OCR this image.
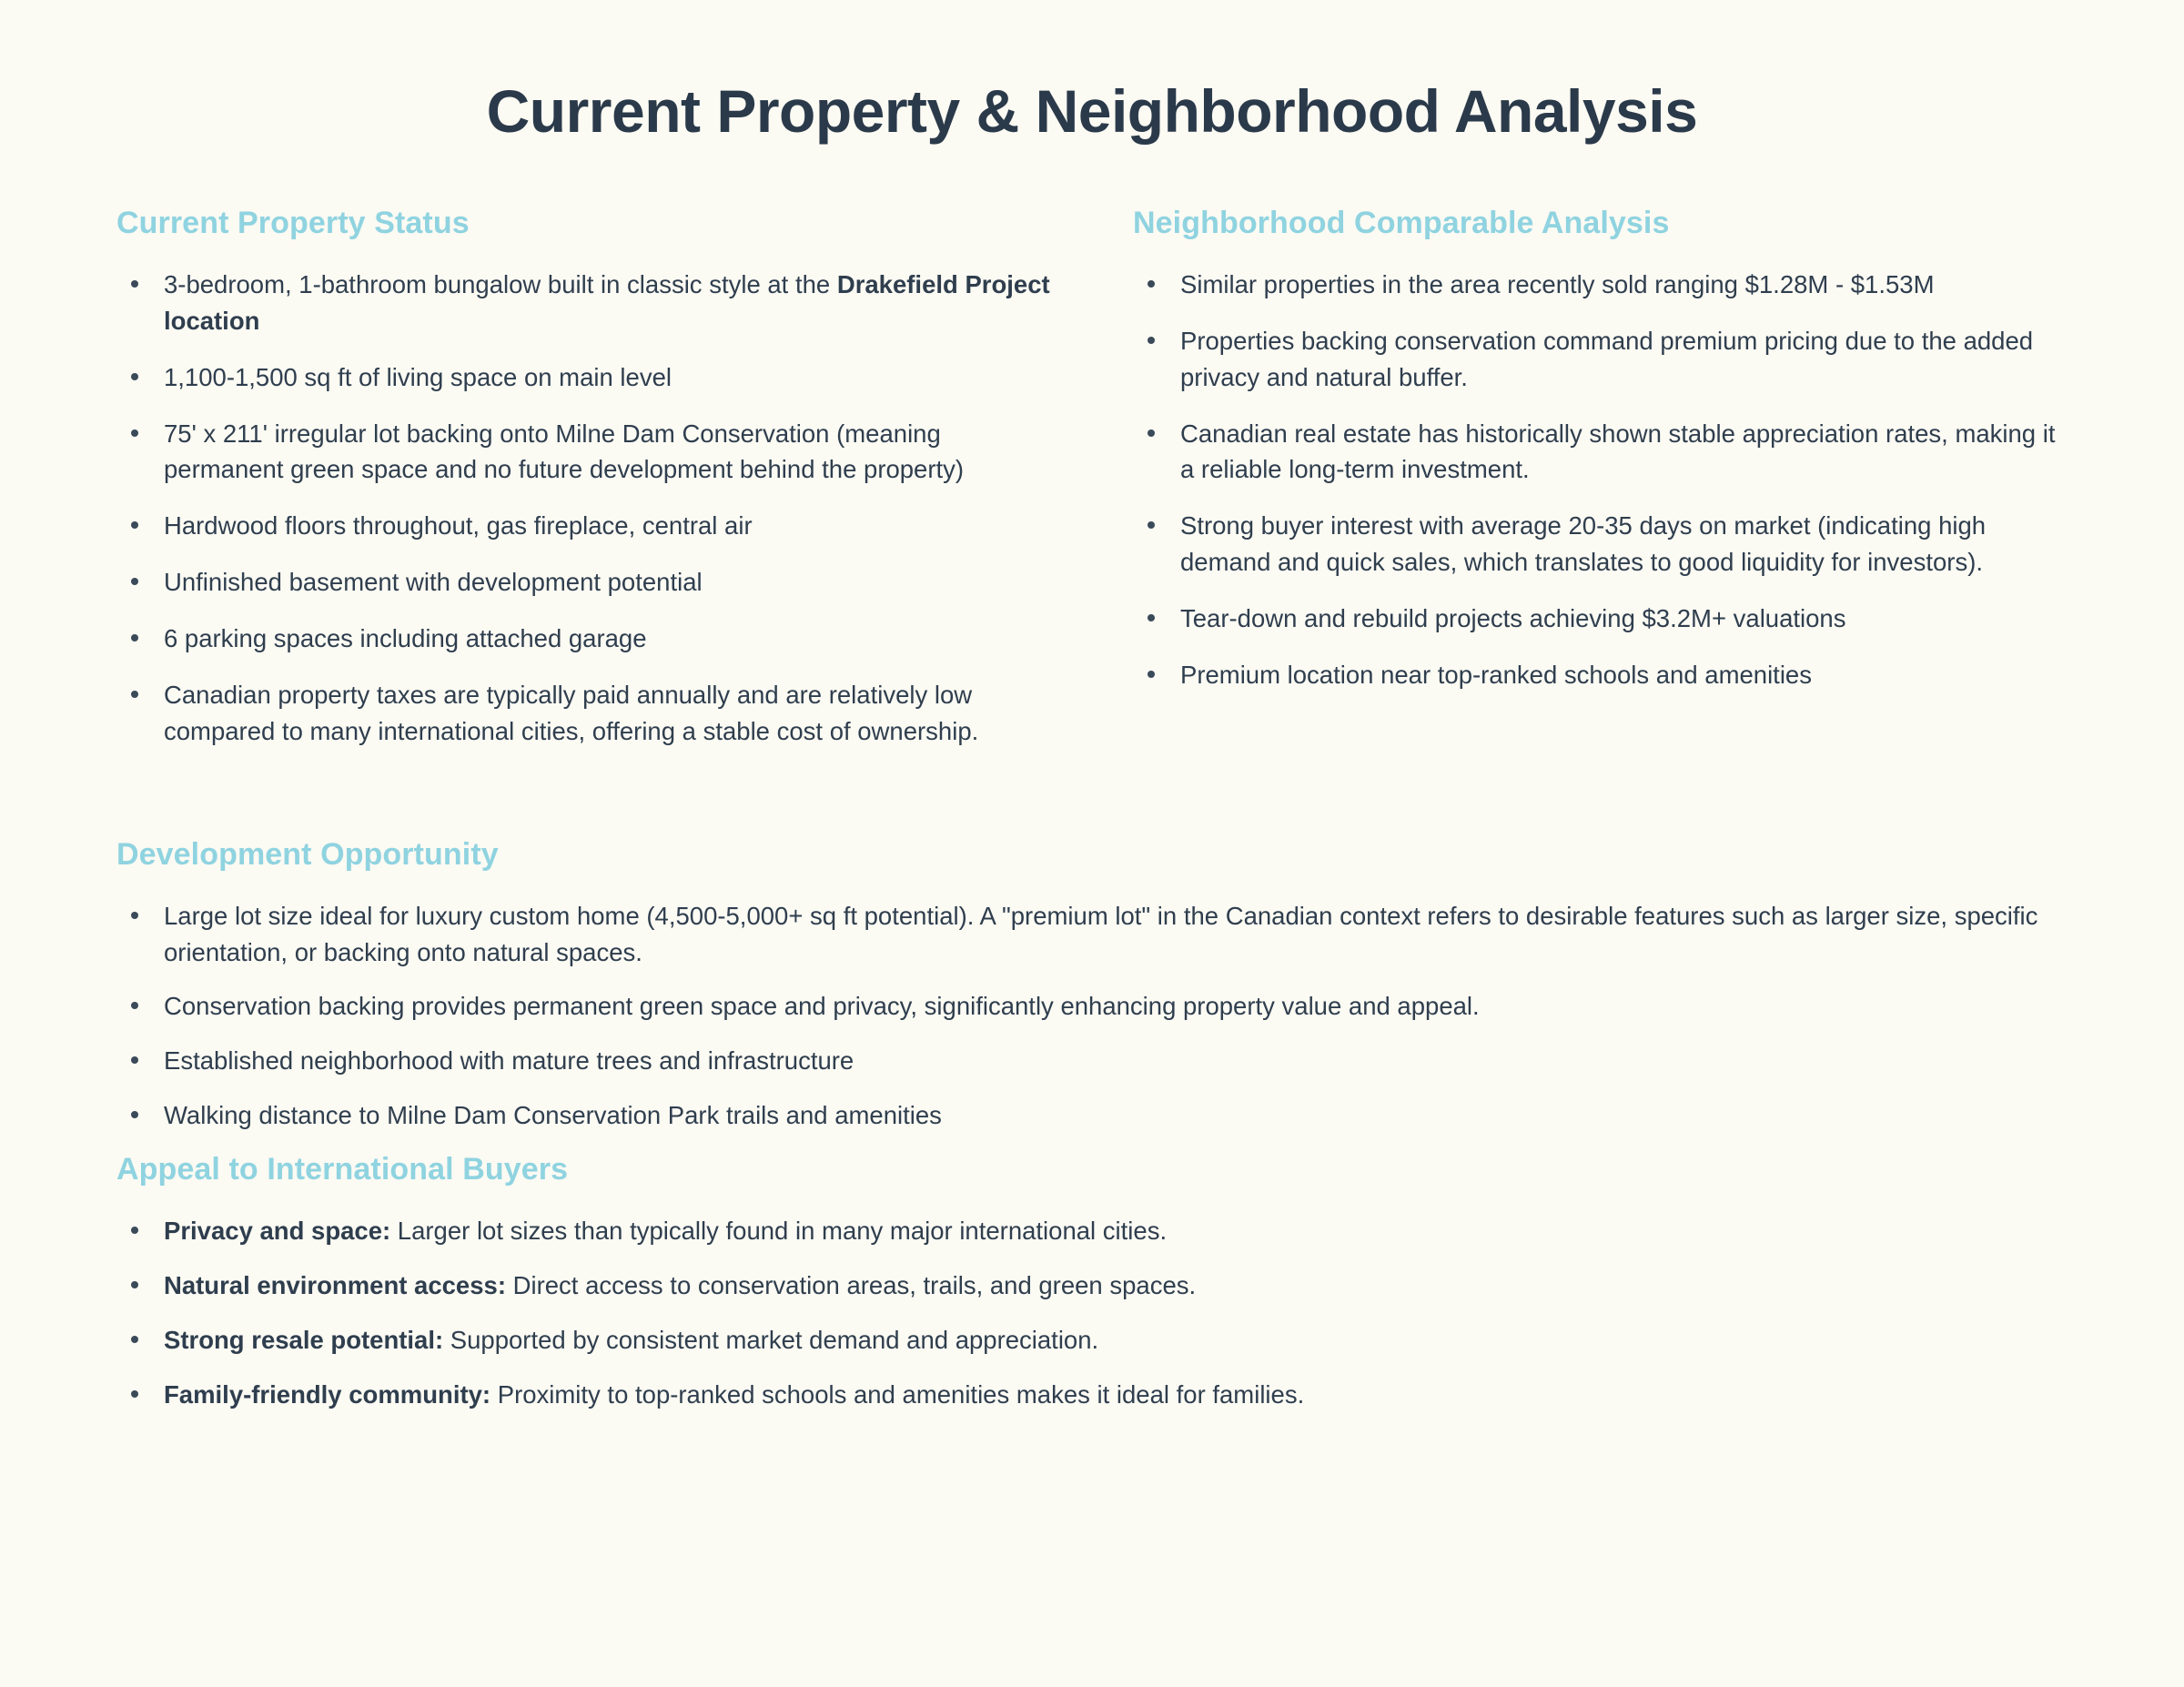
Current Property & Neighborhood Analysis
Current Property Status
3-bedroom, 1-bathroom bungalow built in classic style at the Drakefield Project location
1,100-1,500 sq ft of living space on main level
75' x 211' irregular lot backing onto Milne Dam Conservation (meaning permanent green space and no future development behind the property)
Hardwood floors throughout, gas fireplace, central air
Unfinished basement with development potential
6 parking spaces including attached garage
Canadian property taxes are typically paid annually and are relatively low compared to many international cities, offering a stable cost of ownership.
Neighborhood Comparable Analysis
Similar properties in the area recently sold ranging $1.28M - $1.53M
Properties backing conservation command premium pricing due to the added privacy and natural buffer.
Canadian real estate has historically shown stable appreciation rates, making it a reliable long-term investment.
Strong buyer interest with average 20-35 days on market (indicating high demand and quick sales, which translates to good liquidity for investors).
Tear-down and rebuild projects achieving $3.2M+ valuations
Premium location near top-ranked schools and amenities
Development Opportunity
Large lot size ideal for luxury custom home (4,500-5,000+ sq ft potential). A "premium lot" in the Canadian context refers to desirable features such as larger size, specific orientation, or backing onto natural spaces.
Conservation backing provides permanent green space and privacy, significantly enhancing property value and appeal.
Established neighborhood with mature trees and infrastructure
Walking distance to Milne Dam Conservation Park trails and amenities
Appeal to International Buyers
Privacy and space: Larger lot sizes than typically found in many major international cities.
Natural environment access: Direct access to conservation areas, trails, and green spaces.
Strong resale potential: Supported by consistent market demand and appreciation.
Family-friendly community: Proximity to top-ranked schools and amenities makes it ideal for families.
